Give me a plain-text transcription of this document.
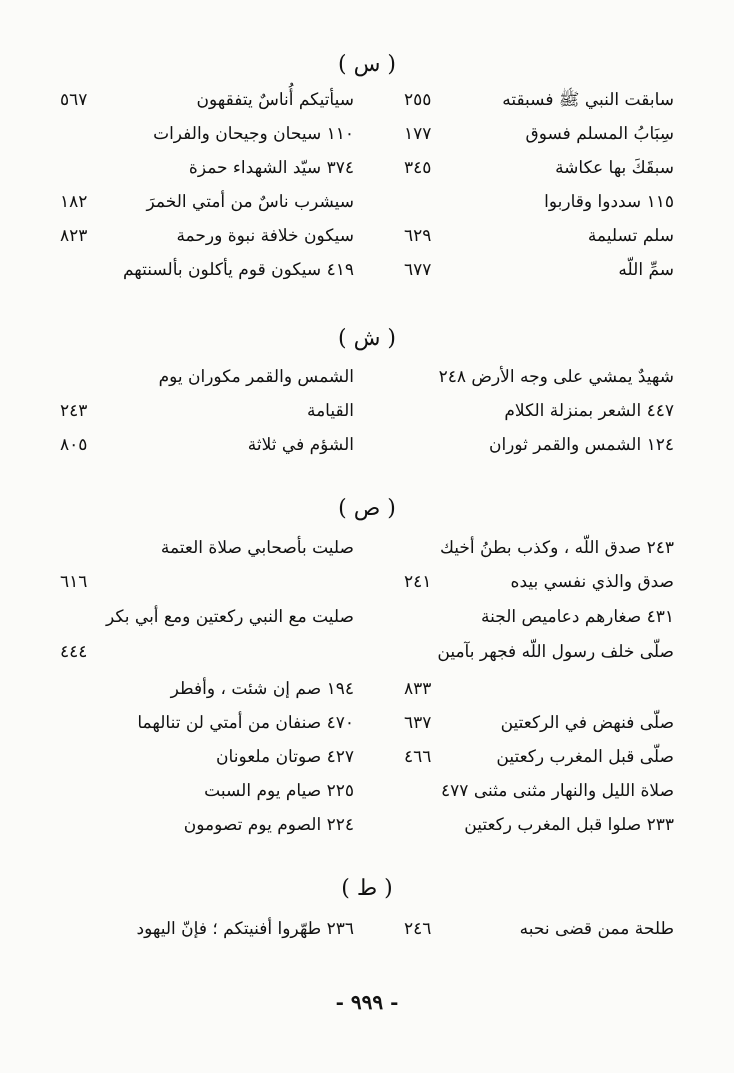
( س )
سابقت النبي ﷺ فسبقته
٢٥٥
سيأتيكم أُناسٌ يتفقهون
٥٦٧
سِبَابُ المسلم فسوق
١٧٧
١١٠ سيحان وجيحان والفرات
سبقَكَ بها عكاشة
٣٤٥
٣٧٤ سيّد الشهداء حمزة
١١٥ سددوا وقاربوا
سيشرب ناسٌ من أمتي الخمرَ
١٨٢
سلم تسليمة
٦٢٩
سيكون خلافة نبوة ورحمة
٨٢٣
سمِّ اللّه
٦٧٧
٤١٩ سيكون قوم يأكلون بألسنتهم
( ش )
شهيدٌ يمشي على وجه الأرض ٢٤٨
الشمس والقمر مكوران يوم
٤٤٧ الشعر بمنزلة الكلام
القيامة
٢٤٣
١٢٤ الشمس والقمر ثوران
الشؤم في ثلاثة
٨٠٥
( ص )
٢٤٣ صدق اللّه ، وكذب بطنُ أخيك
صليت بأصحابي صلاة العتمة
صدق والذي نفسي بيده
٢٤١
٦١٦
٤٣١ صغارهم دعاميص الجنة
صليت مع النبي ركعتين ومع أبي بكر
صلّى خلف رسول اللّه فجهر بآمين
٤٤٤
٨٣٣
١٩٤ صم إن شئت ، وأفطر
صلّى فنهض في الركعتين
٦٣٧
٤٧٠ صنفان من أمتي لن تنالهما
صلّى قبل المغرب ركعتين
٤٦٦
٤٢٧ صوتان ملعونان
صلاة الليل والنهار مثنى مثنى ٤٧٧
٢٢٥ صيام يوم السبت
٢٣٣ صلوا قبل المغرب ركعتين
٢٢٤ الصوم يوم تصومون
( ط )
طلحة ممن قضى نحبه
٢٤٦
٢٣٦ طهّروا أفنيتكم ؛ فإنّ اليهود
- ٩٩٩ -
